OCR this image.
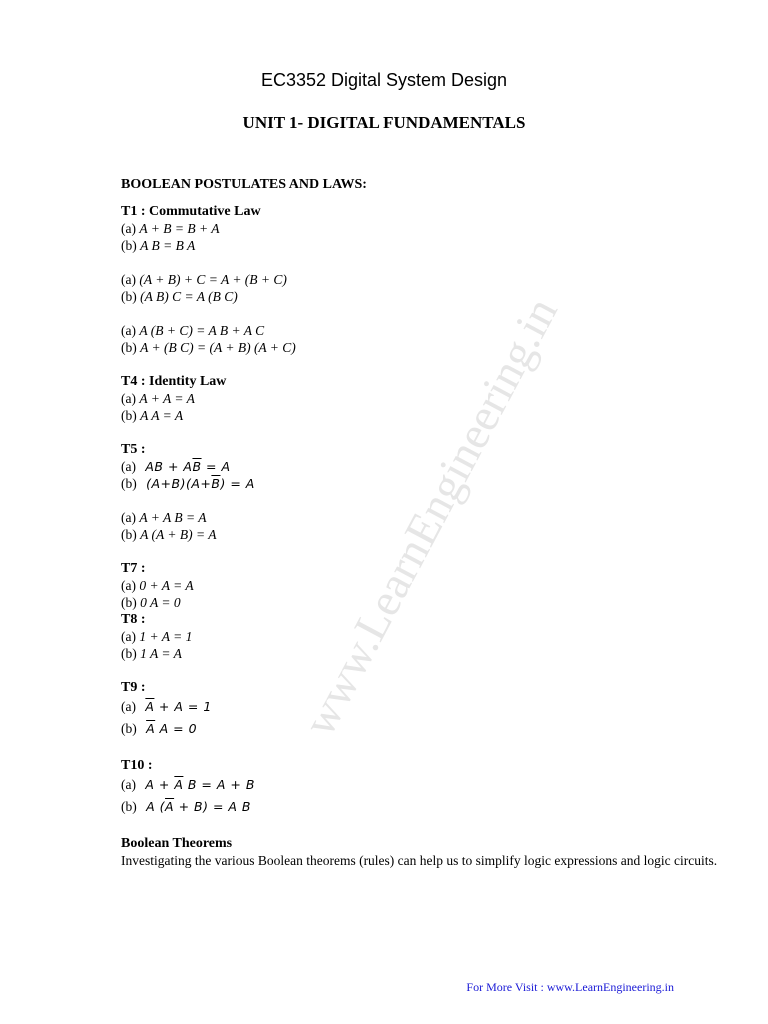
www.LearnEngineering.in
EC3352 Digital System Design
UNIT 1- DIGITAL FUNDAMENTALS
BOOLEAN POSTULATES AND LAWS:
T1 : Commutative Law
(a) A + B = B + A
(b) A B = B A
(a) (A + B) + C = A + (B + C)
(b) (A B) C = A (B C)
(a) A (B + C) = A B + A C
(b) A + (B C) = (A + B) (A + C)
T4 : Identity Law
(a) A + A = A
(b) A A = A
T5 :
(a) AB + $A\overline{B} = A$
(b) $(A+B)(A+\overline{B}) = A$
(a) A + A B = A
(b) A (A + B) = A
T7 :
(a) 0 + A = A
(b) 0 A = 0
T8 :
(a) 1 + A = 1
(b) 1 A = A
T9 :
(a) $\overline{A} + A = 1$
(b) $\overline{A}$ A = 0
T10 :
(a) $A + \overline{A}$ B = A + B
(b) A $(\overline{A} + B) = A$ B
Boolean Theorems
Investigating the various Boolean theorems (rules) can help us to simplify logic expressions and logic circuits.
For More Visit : www.LearnEngineering.in
